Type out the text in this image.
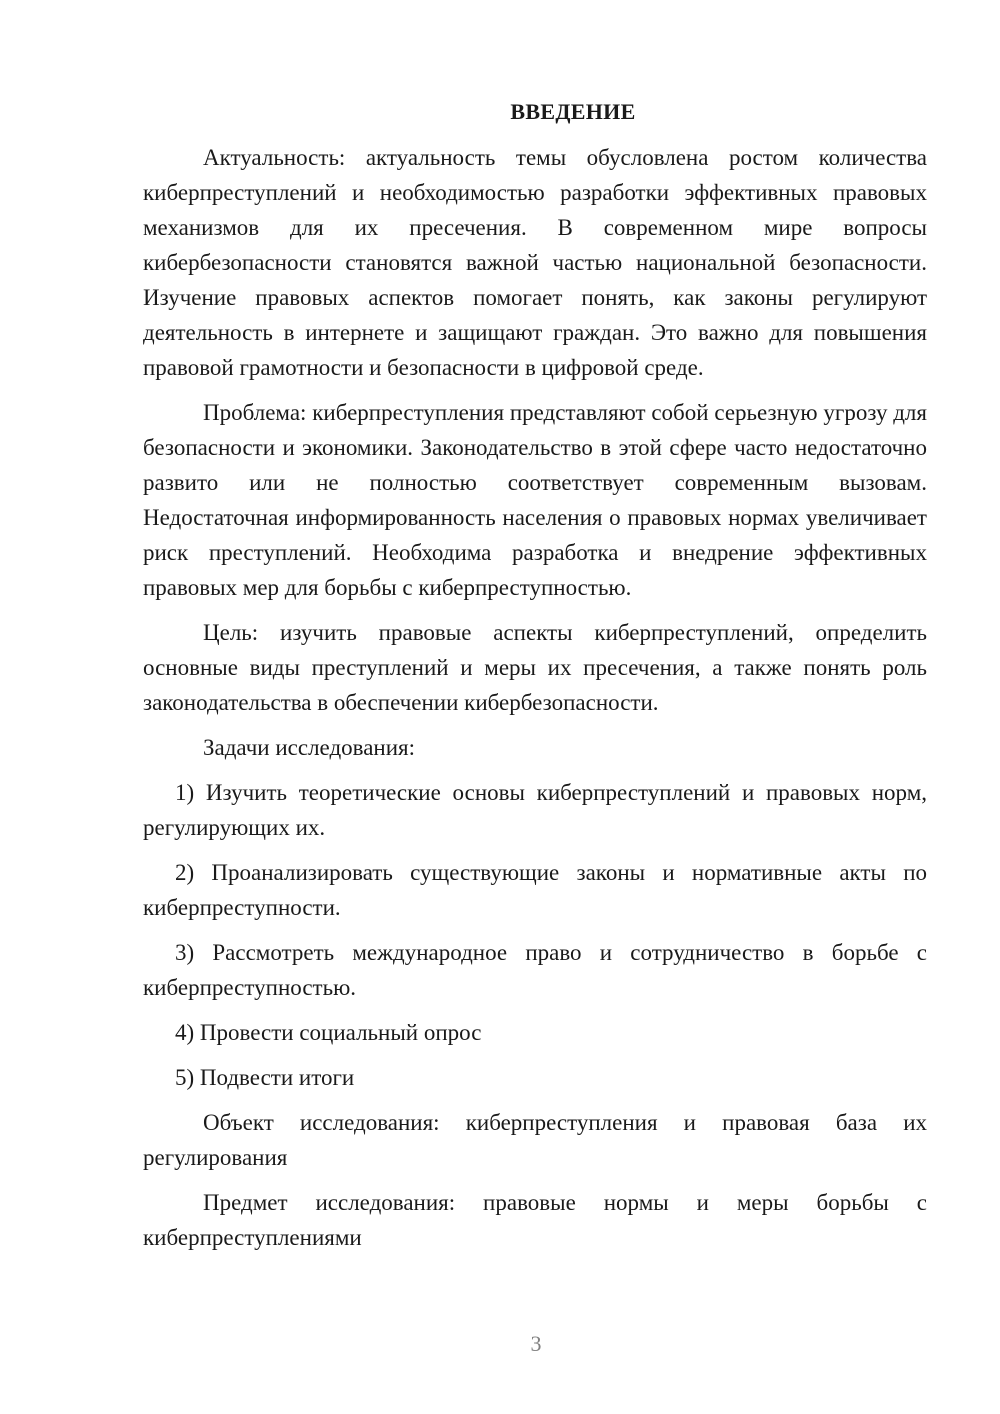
ВВЕДЕНИЕ

Актуальность: актуальность темы обусловлена ростом количества киберпреступлений и необходимостью разработки эффективных правовых механизмов для их пресечения. В современном мире вопросы кибербезопасности становятся важной частью национальной безопасности. Изучение правовых аспектов помогает понять, как законы регулируют деятельность в интернете и защищают граждан. Это важно для повышения правовой грамотности и безопасности в цифровой среде.

Проблема: киберпреступления представляют собой серьезную угрозу для безопасности и экономики. Законодательство в этой сфере часто недостаточно развито или не полностью соответствует современным вызовам. Недостаточная информированность населения о правовых нормах увеличивает риск преступлений. Необходима разработка и внедрение эффективных правовых мер для борьбы с киберпреступностью.

Цель: изучить правовые аспекты киберпреступлений, определить основные виды преступлений и меры их пресечения, а также понять роль законодательства в обеспечении кибербезопасности.

Задачи исследования:

1) Изучить теоретические основы киберпреступлений и правовых норм, регулирующих их.

2) Проанализировать существующие законы и нормативные акты по киберпреступности.

3) Рассмотреть международное право и сотрудничество в борьбе с киберпреступностью.

4) Провести социальный опрос

5) Подвести итоги

Объект исследования: киберпреступления и правовая база их регулирования

Предмет исследования: правовые нормы и меры борьбы с киберпреступлениями

3
